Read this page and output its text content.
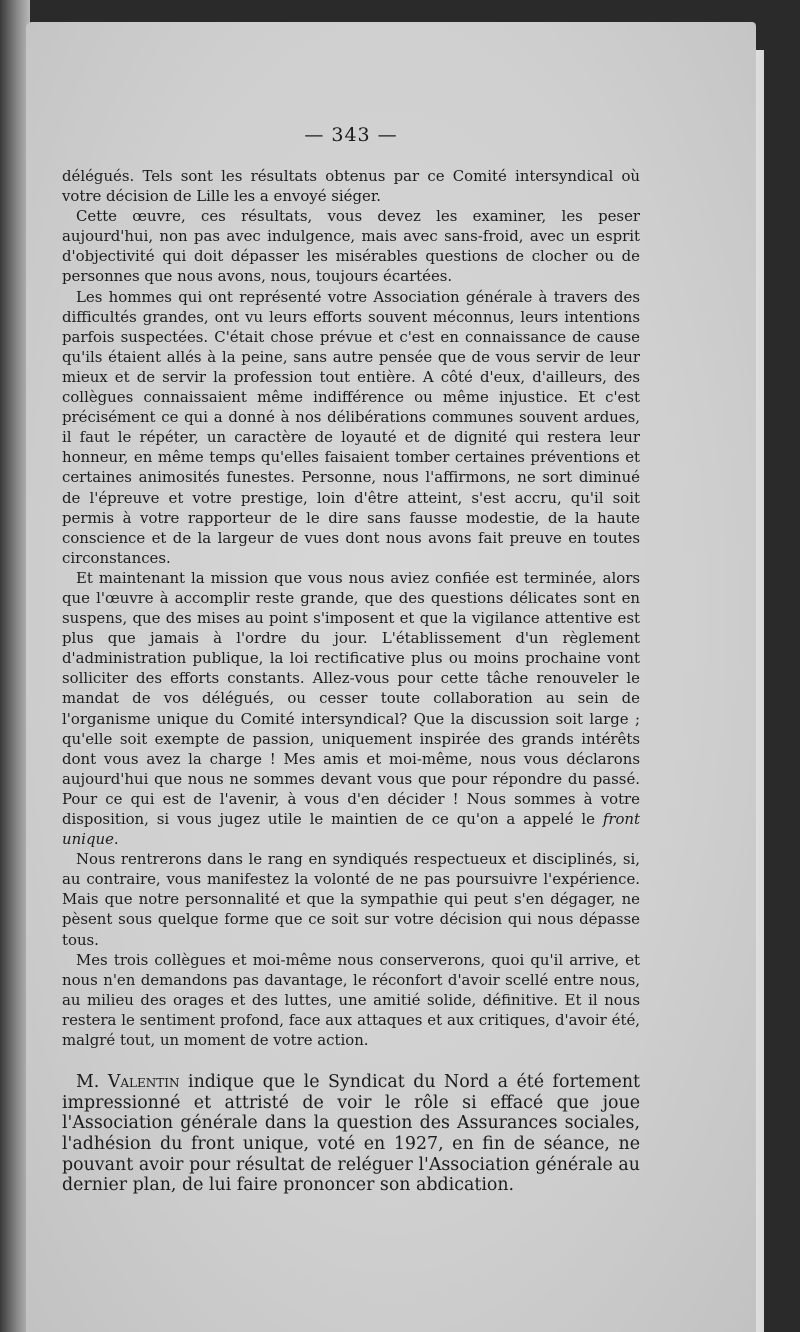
— 343 —

délégués. Tels sont les résultats obtenus par ce Comité intersyndical où votre décision de Lille les a envoyé siéger.

Cette œuvre, ces résultats, vous devez les examiner, les peser aujourd'hui, non pas avec indulgence, mais avec sans-froid, avec un esprit d'objectivité qui doit dépasser les misérables questions de clocher ou de personnes que nous avons, nous, toujours écartées.

Les hommes qui ont représenté votre Association générale à travers des difficultés grandes, ont vu leurs efforts souvent méconnus, leurs intentions parfois suspectées. C'était chose prévue et c'est en connaissance de cause qu'ils étaient allés à la peine, sans autre pensée que de vous servir de leur mieux et de servir la profession tout entière. A côté d'eux, d'ailleurs, des collègues connaissaient même indifférence ou même injustice. Et c'est précisément ce qui a donné à nos délibérations communes souvent ardues, il faut le répéter, un caractère de loyauté et de dignité qui restera leur honneur, en même temps qu'elles faisaient tomber certaines préventions et certaines animosités funestes. Personne, nous l'affirmons, ne sort diminué de l'épreuve et votre prestige, loin d'être atteint, s'est accru, qu'il soit permis à votre rapporteur de le dire sans fausse modestie, de la haute conscience et de la largeur de vues dont nous avons fait preuve en toutes circonstances.

Et maintenant la mission que vous nous aviez confiée est terminée, alors que l'œuvre à accomplir reste grande, que des questions délicates sont en suspens, que des mises au point s'imposent et que la vigilance attentive est plus que jamais à l'ordre du jour. L'établissement d'un règlement d'administration publique, la loi rectificative plus ou moins prochaine vont solliciter des efforts constants. Allez-vous pour cette tâche renouveler le mandat de vos délégués, ou cesser toute collaboration au sein de l'organisme unique du Comité intersyndical? Que la discussion soit large ; qu'elle soit exempte de passion, uniquement inspirée des grands intérêts dont vous avez la charge ! Mes amis et moi-même, nous vous déclarons aujourd'hui que nous ne sommes devant vous que pour répondre du passé. Pour ce qui est de l'avenir, à vous d'en décider ! Nous sommes à votre disposition, si vous jugez utile le maintien de ce qu'on a appelé le front unique.

Nous rentrerons dans le rang en syndiqués respectueux et disciplinés, si, au contraire, vous manifestez la volonté de ne pas poursuivre l'expérience. Mais que notre personnalité et que la sympathie qui peut s'en dégager, ne pèsent sous quelque forme que ce soit sur votre décision qui nous dépasse tous.

Mes trois collègues et moi-même nous conserverons, quoi qu'il arrive, et nous n'en demandons pas davantage, le réconfort d'avoir scellé entre nous, au milieu des orages et des luttes, une amitié solide, définitive. Et il nous restera le sentiment profond, face aux attaques et aux critiques, d'avoir été, malgré tout, un moment de votre action.

M. Valentin indique que le Syndicat du Nord a été fortement impressionné et attristé de voir le rôle si effacé que joue l'Association générale dans la question des Assurances sociales, l'adhésion du front unique, voté en 1927, en fin de séance, ne pouvant avoir pour résultat de reléguer l'Association générale au dernier plan, de lui faire prononcer son abdication.
